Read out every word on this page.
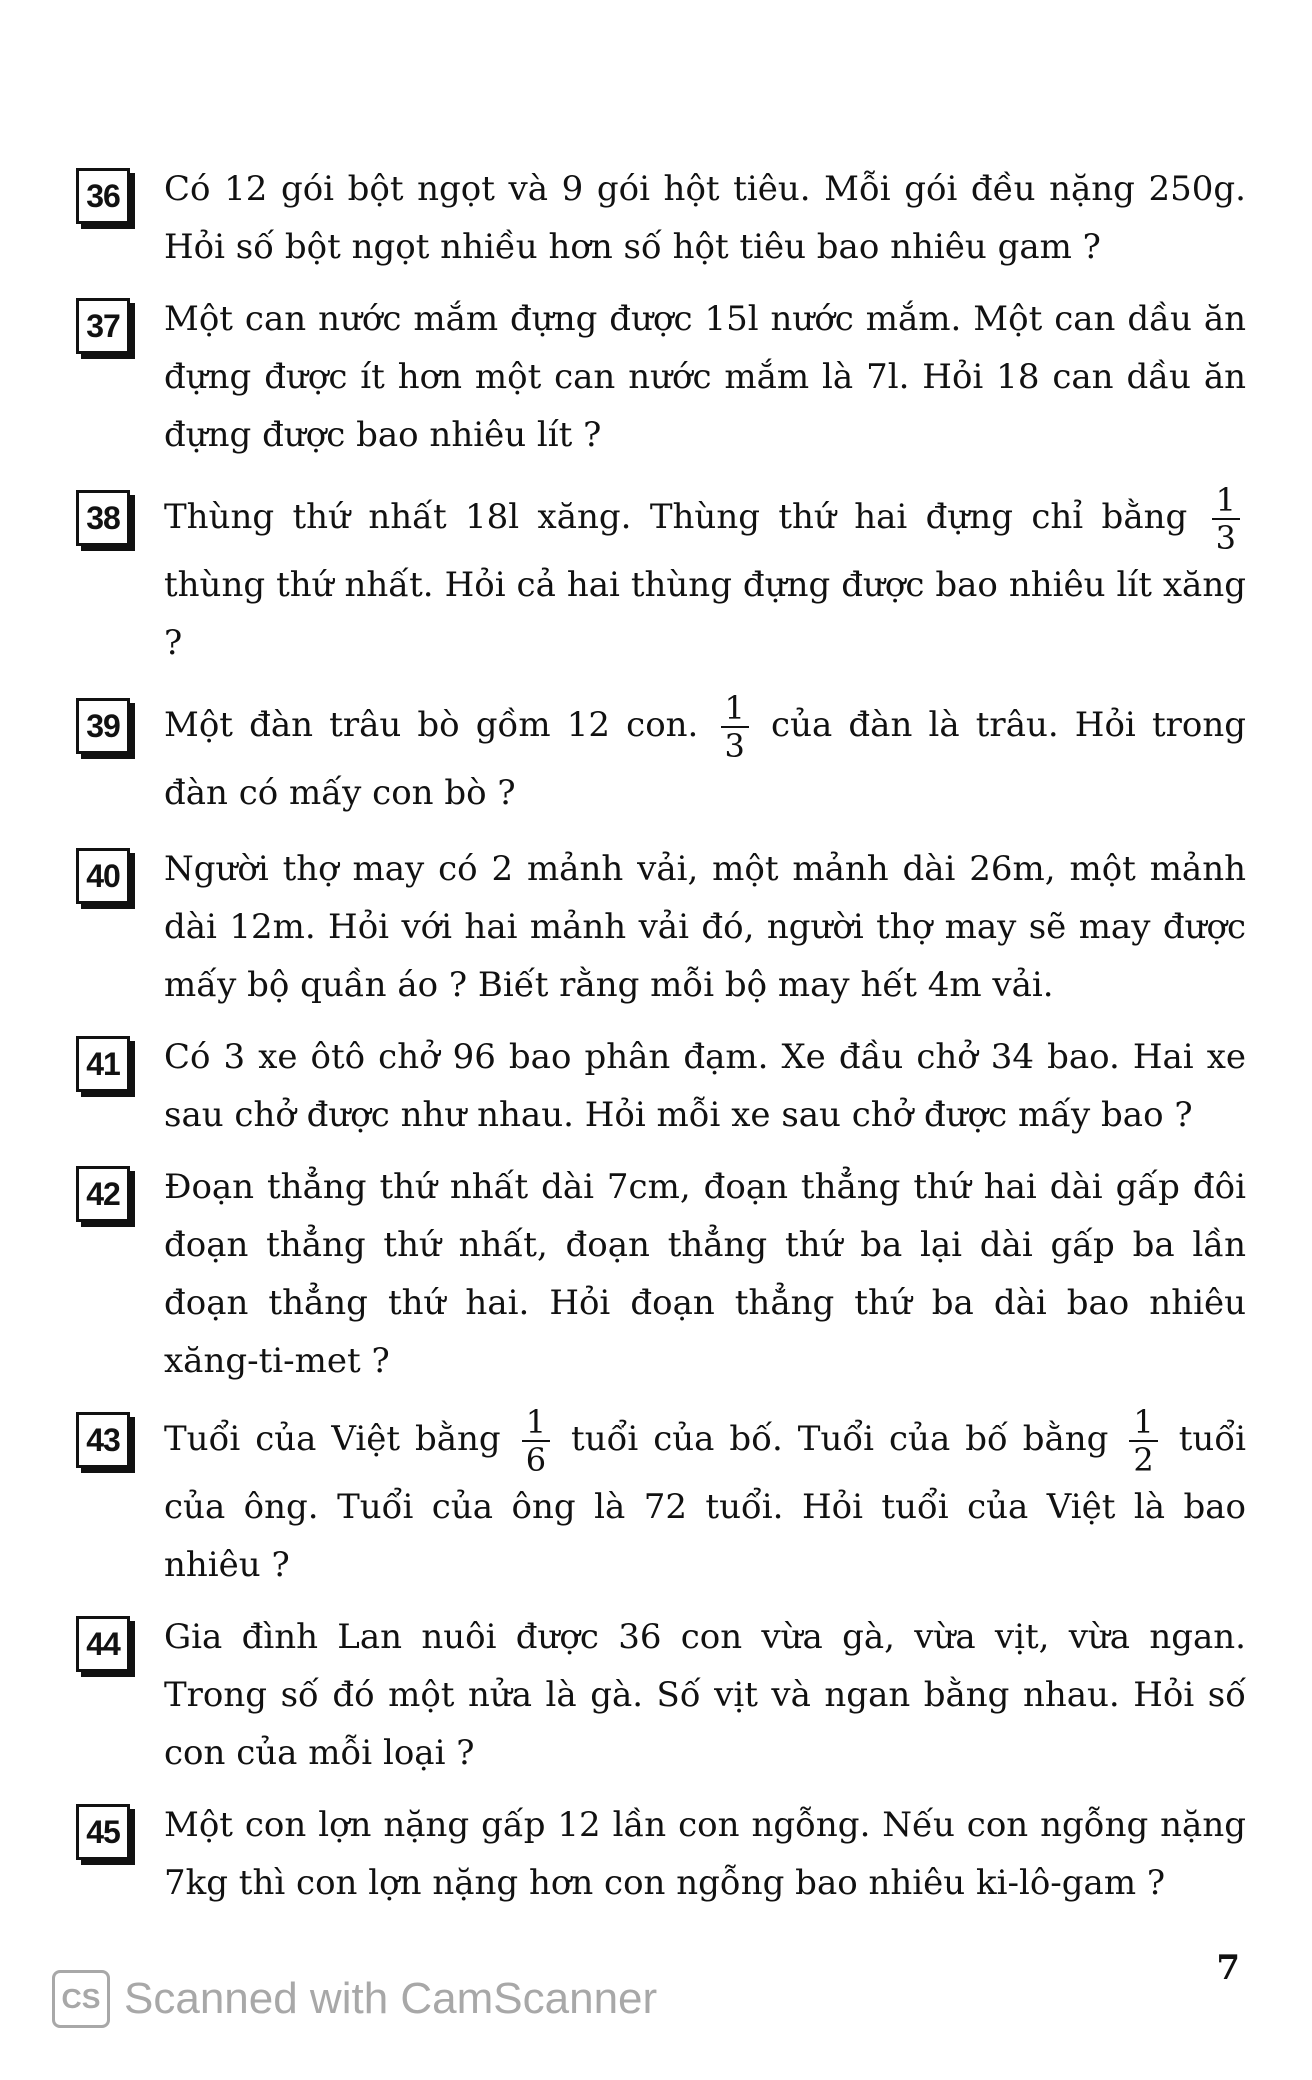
36	Có 12 gói bột ngọt và 9 gói hột tiêu. Mỗi gói đều nặng 250g. Hỏi số bột ngọt nhiều hơn số hột tiêu bao nhiêu gam ?
37	Một can nước mắm đựng được 15l nước mắm. Một can dầu ăn đựng được ít hơn một can nước mắm là 7l. Hỏi 18 can dầu ăn đựng được bao nhiêu lít ?
38	Thùng thứ nhất 18l xăng. Thùng thứ hai đựng chỉ bằng $\frac{1}{3}$
thùng thứ nhất. Hỏi cả hai thùng đựng được bao nhiêu lít xăng ?
39	Một đàn trâu bò gồm 12 con. $\frac{1}{3}$ của đàn là trâu. Hỏi trong đàn có mấy con bò ?
40	Người thợ may có 2 mảnh vải, một mảnh dài 26m, một mảnh dài 12m. Hỏi với hai mảnh vải đó, người thợ may sẽ may được mấy bộ quần áo ? Biết rằng mỗi bộ may hết 4m vải.
41	Có 3 xe ôtô chở 96 bao phân đạm. Xe đầu chở 34 bao. Hai xe sau chở được như nhau. Hỏi mỗi xe sau chở được mấy bao ?
42	Đoạn thẳng thứ nhất dài 7cm, đoạn thẳng thứ hai dài gấp đôi đoạn thẳng thứ nhất, đoạn thẳng thứ ba lại dài gấp ba lần đoạn thẳng thứ hai. Hỏi đoạn thẳng thứ ba dài bao nhiêu xăng-ti-met ?
43	Tuổi của Việt bằng $\frac{1}{6}$ tuổi của bố. Tuổi của bố bằng $\frac{1}{2}$ tuổi của ông. Tuổi của ông là 72 tuổi. Hỏi tuổi của Việt là bao nhiêu ?
44	Gia đình Lan nuôi được 36 con vừa gà, vừa vịt, vừa ngan. Trong số đó một nửa là gà. Số vịt và ngan bằng nhau. Hỏi số con của mỗi loại ?
45	Một con lợn nặng gấp 12 lần con ngỗng. Nếu con ngỗng nặng 7kg thì con lợn nặng hơn con ngỗng bao nhiêu ki-lô-gam ?
7
CS Scanned with CamScanner
